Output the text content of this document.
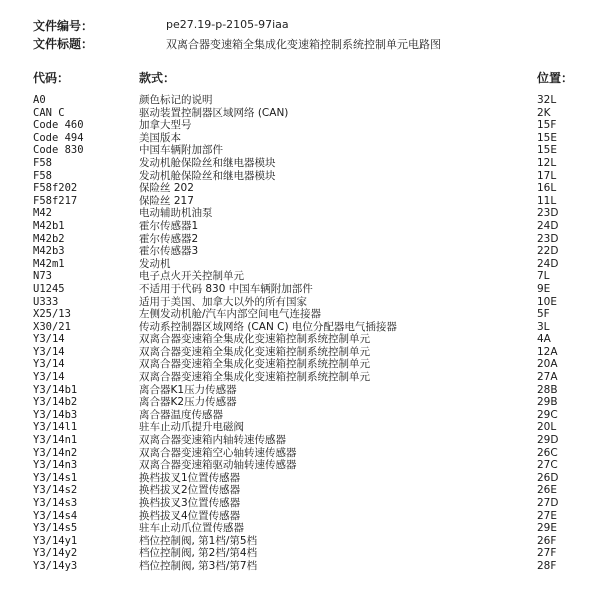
文件编号：	pe27.19-p-2105-97iaa
文件标题：	双离合器变速箱全集成化变速箱控制系统控制单元电路图
代码：	款式：	位置：
A0	颜色标记的说明	32L
CAN C	驱动装置控制器区域网络 (CAN)	2K
Code 460	加拿大型号	15F
Code 494	美国版本	15E
Code 830	中国车辆附加部件	15E
F58	发动机舱保险丝和继电器模块	12L
F58	发动机舱保险丝和继电器模块	17L
F58f202	保险丝 202	16L
F58f217	保险丝 217	11L
M42	电动辅助机油泵	23D
M42b1	霍尔传感器1	24D
M42b2	霍尔传感器2	23D
M42b3	霍尔传感器3	22D
M42m1	发动机	24D
N73	电子点火开关控制单元	7L
U1245	不适用于代码 830 中国车辆附加部件	9E
U333	适用于美国、加拿大以外的所有国家	10E
X25/13	左侧发动机舱/汽车内部空间电气连接器	5F
X30/21	传动系控制器区域网络 (CAN C) 电位分配器电气插接器	3L
Y3/14	双离合器变速箱全集成化变速箱控制系统控制单元	4A
Y3/14	双离合器变速箱全集成化变速箱控制系统控制单元	12A
Y3/14	双离合器变速箱全集成化变速箱控制系统控制单元	20A
Y3/14	双离合器变速箱全集成化变速箱控制系统控制单元	27A
Y3/14b1	离合器K1压力传感器	28B
Y3/14b2	离合器K2压力传感器	29B
Y3/14b3	离合器温度传感器	29C
Y3/14l1	驻车止动爪提升电磁阀	20L
Y3/14n1	双离合器变速箱内轴转速传感器	29D
Y3/14n2	双离合器变速箱空心轴转速传感器	26C
Y3/14n3	双离合器变速箱驱动轴转速传感器	27C
Y3/14s1	换档拔叉1位置传感器	26D
Y3/14s2	换档拔叉2位置传感器	26E
Y3/14s3	换档拔叉3位置传感器	27D
Y3/14s4	换档拔叉4位置传感器	27E
Y3/14s5	驻车止动爪位置传感器	29E
Y3/14y1	档位控制阀, 第1档/第5档	26F
Y3/14y2	档位控制阀, 第2档/第4档	27F
Y3/14y3	档位控制阀, 第3档/第7档	28F
